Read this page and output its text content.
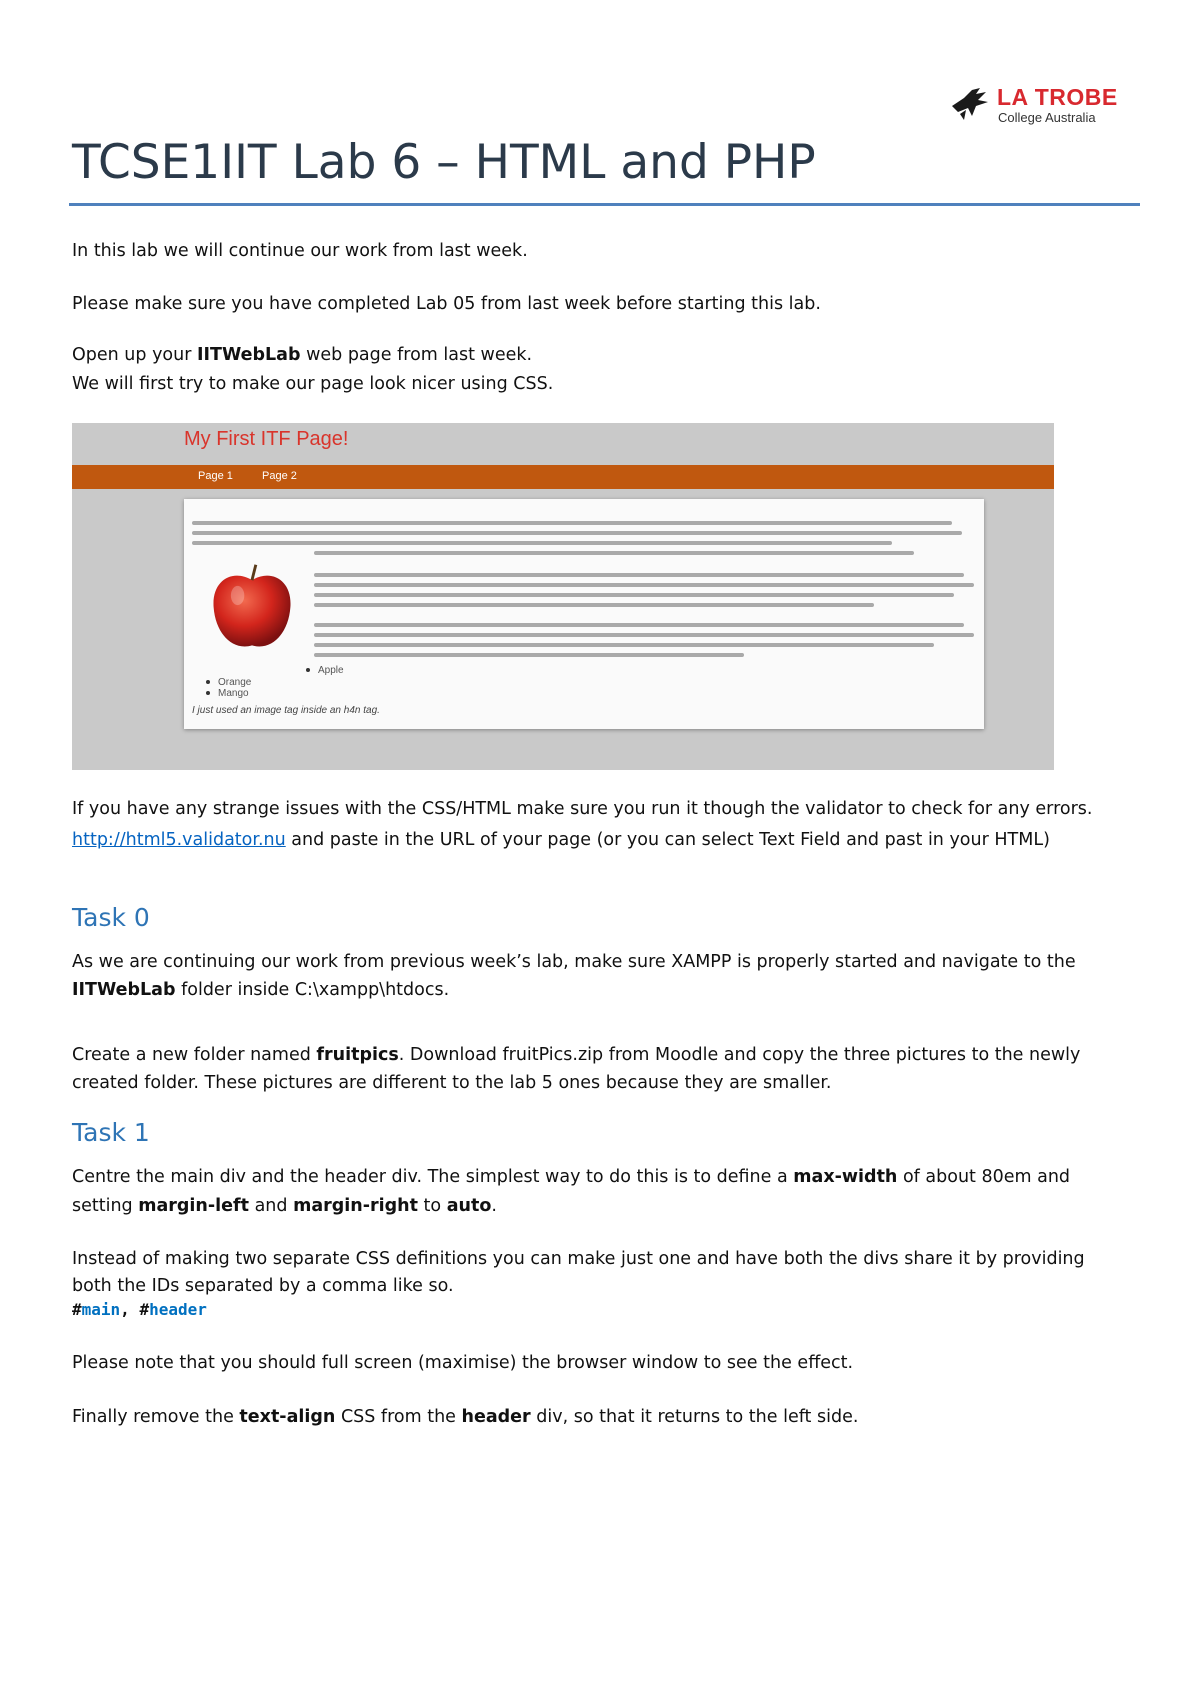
LA TROBE
College Australia
TCSE1IIT Lab 6 – HTML and PHP
In this lab we will continue our work from last week.
Please make sure you have completed Lab 05 from last week before starting this lab.
Open up your IITWebLab web page from last week.
We will first try to make our page look nicer using CSS.
My First ITF Page!
Page 1	Page 2
Apple
Orange
Mango
I just used an image tag inside an h4n tag.
If you have any strange issues with the CSS/HTML make sure you run it though the validator to check for any errors.
http://html5.validator.nu and paste in the URL of your page (or you can select Text Field and past in your HTML)
Task 0
As we are continuing our work from previous week’s lab, make sure XAMPP is properly started and navigate to the
IITWebLab folder inside C:\xampp\htdocs.
Create a new folder named fruitpics. Download fruitPics.zip from Moodle and copy the three pictures to the newly
created folder. These pictures are different to the lab 5 ones because they are smaller.
Task 1
Centre the main div and the header div. The simplest way to do this is to define a max-width of about 80em and
setting margin-left and margin-right to auto.
Instead of making two separate CSS definitions you can make just one and have both the divs share it by providing
both the IDs separated by a comma like so.
#main, #header
Please note that you should full screen (maximise) the browser window to see the effect.
Finally remove the text-align CSS from the header div, so that it returns to the left side.
